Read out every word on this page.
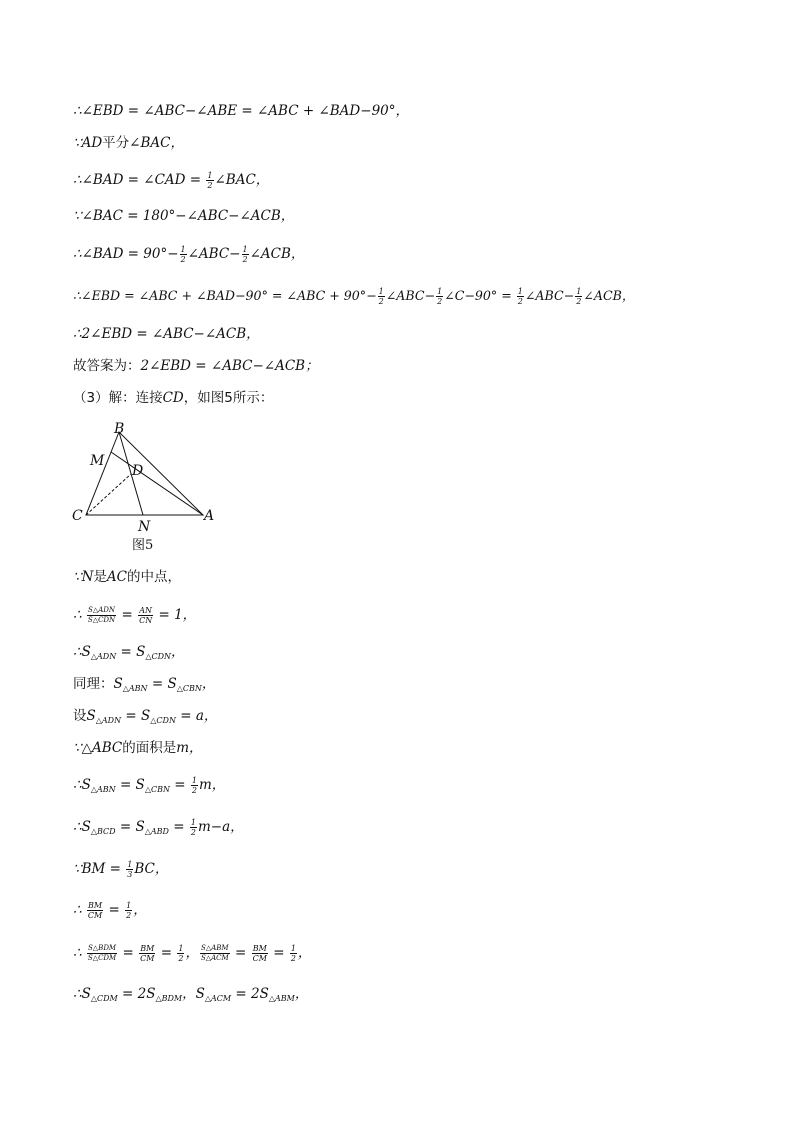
∴∠EBD = ∠ABC−∠ABE = ∠ABC + ∠BAD−90°，
∵AD平分∠BAC，
∴∠BAD = ∠CAD = $\frac{1}{2}$ ∠BAC，
∵∠BAC = 180°−∠ABC−∠ACB，
∴∠BAD = $90^\circ- \frac{1}{2}$ ∠ABC− $\frac{1}{2}$ ∠ACB，
∴∠EBD = ∠ABC + ∠BAD−90° = ∠ABC + $90^\circ- \frac{1}{2}$ ∠ABC− $\frac{1}{2}$ ∠C−90° = $\frac{1}{2}$ ∠ABC− $\frac{1}{2}$ ∠ACB，
∴2∠EBD = ∠ABC−∠ACB，
故答案为：2∠EBD = ∠ABC−∠ACB；
（3）解：连接CD，如图5所示：
B
M
D
C
N
A
图5
∵N是AC的中点，
∴ S△ADN
S△CDN = $\frac{AN}{CN} = 1$，
$\therefore S_{\triangle ADN} = S_{\triangle CDN}$，
同理：$S_{\triangle ABN} = S_{\triangle CBN}$，
设$S_{\triangle ADN} = S_{\triangle CDN} = a$，
∵△ABC的面积是m，
$\therefore S_{\triangle ABN} = S_{\triangle CBN} = \frac{1}{2}$ m，
$\therefore S_{\triangle BCD} = S_{\triangle ABD} = \frac{1}{2} m-a$，
∵BM = $\frac{1}{3}$ BC，
∴ $\frac{BM}{CM} = \frac{1}{2}$ ，
∴ S△BDM
S△CDM = $\frac{BM}{CM} = \frac{1}{2}$ ， S△ABM
S△ACM = $\frac{BM}{CM} = \frac{1}{2}$ ，
$\therefore S_{\triangle CDM} = 2S_{\triangle BDM}$，$S_{\triangle ACM} = 2S_{\triangle ABM}$，
